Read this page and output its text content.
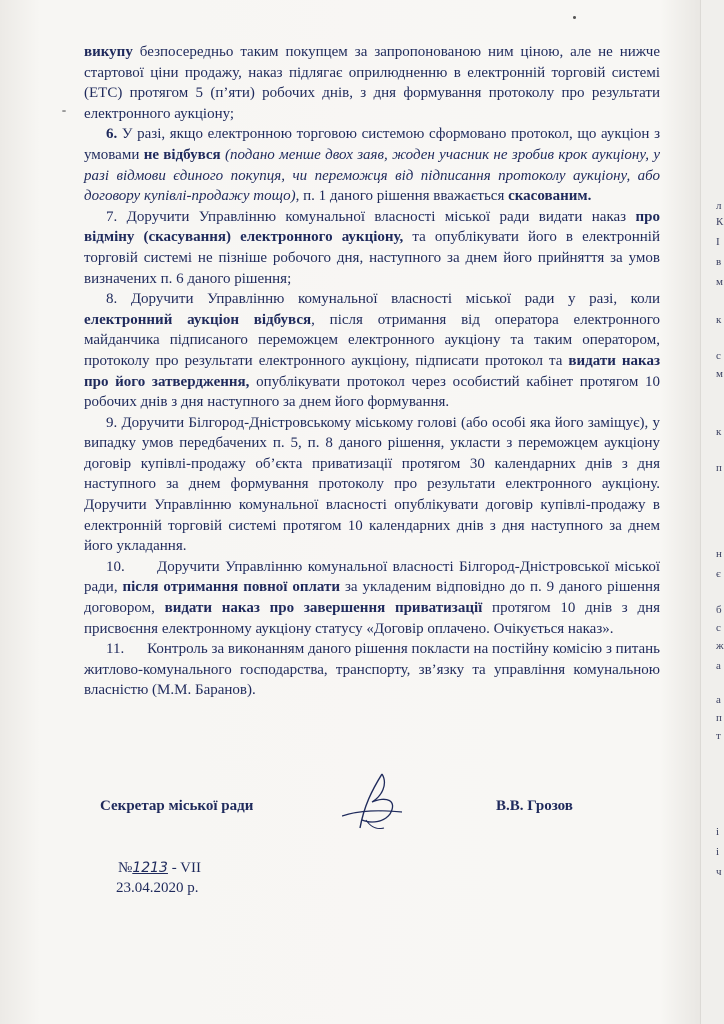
л
К
І
в
м
к
с
м
к
п
н
є
б
с
ж
а
а
п
т
і
і
ч

викупу безпосередньо таким покупцем за запропонованою ним ціною, але не нижче стартової ціни продажу, наказ підлягає оприлюдненню в електронній торговій системі (ЕТС) протягом 5 (п’яти) робочих днів, з дня формування протоколу про результати електронного аукціону;

6. У разі, якщо електронною торговою системою сформовано протокол, що аукціон з умовами не відбувся (подано менше двох заяв, жоден учасник не зробив крок аукціону, у разі відмови єдиного покупця, чи переможця від підписання протоколу аукціону, або договору купівлі-продажу тощо), п. 1 даного рішення вважається скасованим.

7. Доручити Управлінню комунальної власності міської ради видати наказ про відміну (скасування) електронного аукціону, та опублікувати його в електронній торговій системі не пізніше робочого дня, наступного за днем його прийняття за умов визначених п. 6 даного рішення;

8. Доручити Управлінню комунальної власності міської ради у разі, коли електронний аукціон відбувся, після отримання від оператора електронного майданчика підписаного переможцем електронного аукціону та таким оператором, протоколу про результати електронного аукціону, підписати протокол та видати наказ про його затвердження, опублікувати протокол через особистий кабінет протягом 10 робочих днів з дня наступного за днем його формування.

9. Доручити Білгород-Дністровському міському голові (або особі яка його заміщує), у випадку умов передбачених п. 5, п. 8 даного рішення, укласти з переможцем аукціону договір купівлі-продажу об’єкта приватизації протягом 30 календарних днів з дня наступного за днем формування протоколу про результати електронного аукціону. Доручити Управлінню комунальної власності опублікувати договір купівлі-продажу в електронній торговій системі протягом 10 календарних днів з дня наступного за днем його укладання.

10.      Доручити Управлінню комунальної власності Білгород-Дністровської міської ради, після отримання повної оплати за укладеним відповідно до п. 9 даного рішення договором, видати наказ про завершення приватизації протягом 10 днів з дня присвоєння електронному аукціону статусу «Договір оплачено. Очікується наказ».

11.      Контроль за виконанням даного рішення покласти на постійну комісію з питань житлово-комунального господарства, транспорту, зв’язку та управління комунальною власністю (М.М. Баранов).

Секретар міської ради	В.В. Грозов
№1213 - VII
23.04.2020 р.
